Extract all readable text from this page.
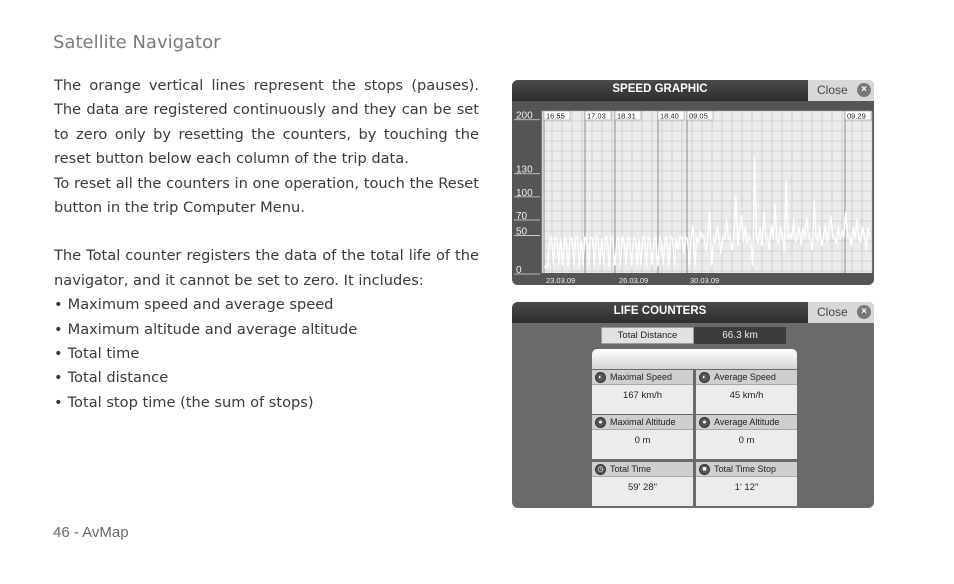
Satellite Navigator

The orange vertical lines represent the stops (pauses). The data are registered continuously and they can be set to zero only by resetting the counters, by touching the reset button below each column of the trip data.

To reset all the counters in one operation, touch the Reset button in the trip Computer Menu.

The Total counter registers the data of the total life of the navigator, and it cannot be set to zero. It includes:

• Maximum speed and average speed
• Maximum altitude and average altitude
• Total time
• Total distance
• Total stop time (the sum of stops)
46 - AvMap
SPEED GRAPHIC	Close	×
16.55	17.03 18.31	18.40 09.05	09.29
0
50
70
100
130
200
23.03.09	26.03.09	30.03.09
LIFE COUNTERS	Close	×
Total Distance	66.3 km
Maximal Speed
◐
167 km/h
Average Speed
◐
45 km/h
Maximal Altitude
●
0 m
Average Altitude
●
0 m
Total Time
◷
59' 28"
Total Time Stop
■
1' 12"
